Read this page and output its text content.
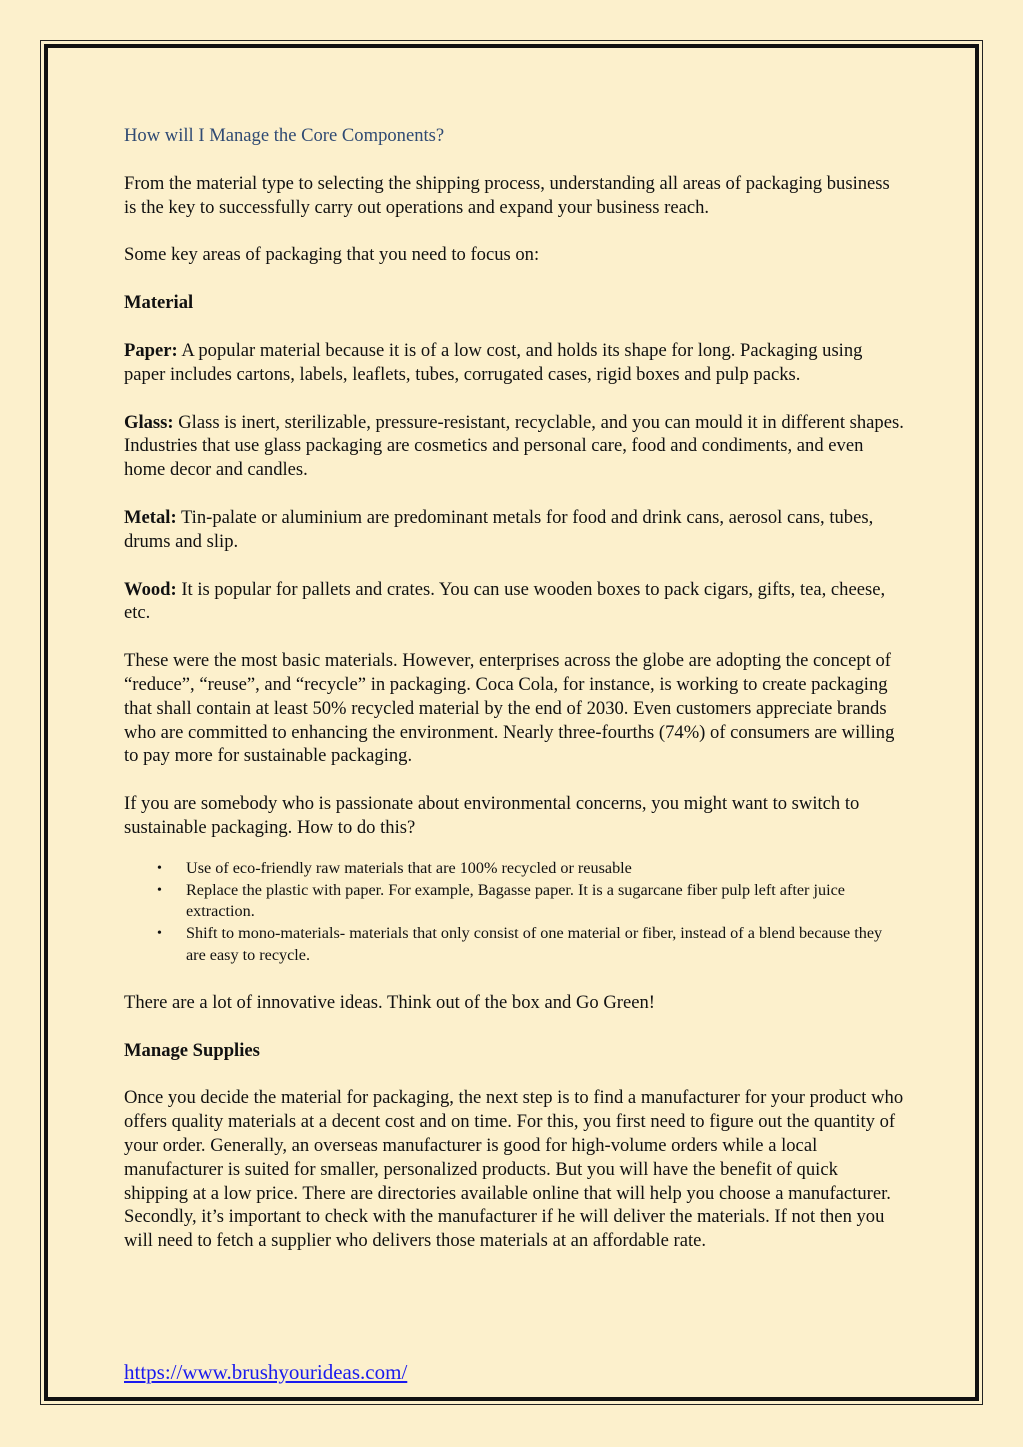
How will I Manage the Core Components?

From the material type to selecting the shipping process, understanding all areas of packaging business is the key to successfully carry out operations and expand your business reach.

Some key areas of packaging that you need to focus on:

Material

Paper: A popular material because it is of a low cost, and holds its shape for long. Packaging using paper includes cartons, labels, leaflets, tubes, corrugated cases, rigid boxes and pulp packs.

Glass: Glass is inert, sterilizable, pressure-resistant, recyclable, and you can mould it in different shapes. Industries that use glass packaging are cosmetics and personal care, food and condiments, and even home decor and candles.

Metal: Tin-palate or aluminium are predominant metals for food and drink cans, aerosol cans, tubes, drums and slip.

Wood: It is popular for pallets and crates. You can use wooden boxes to pack cigars, gifts, tea, cheese, etc.

These were the most basic materials. However, enterprises across the globe are adopting the concept of “reduce”, “reuse”, and “recycle” in packaging. Coca Cola, for instance, is working to create packaging that shall contain at least 50% recycled material by the end of 2030. Even customers appreciate brands who are committed to enhancing the environment. Nearly three-fourths (74%) of consumers are willing to pay more for sustainable packaging.

If you are somebody who is passionate about environmental concerns, you might want to switch to sustainable packaging. How to do this?

• Use of eco-friendly raw materials that are 100% recycled or reusable
• Replace the plastic with paper. For example, Bagasse paper. It is a sugarcane fiber pulp left after juice extraction.
• Shift to mono-materials- materials that only consist of one material or fiber, instead of a blend because they are easy to recycle.

There are a lot of innovative ideas. Think out of the box and Go Green!

Manage Supplies

Once you decide the material for packaging, the next step is to find a manufacturer for your product who offers quality materials at a decent cost and on time. For this, you first need to figure out the quantity of your order. Generally, an overseas manufacturer is good for high-volume orders while a local manufacturer is suited for smaller, personalized products. But you will have the benefit of quick shipping at a low price. There are directories available online that will help you choose a manufacturer. Secondly, it’s important to check with the manufacturer if he will deliver the materials. If not then you will need to fetch a supplier who delivers those materials at an affordable rate.

https://www.brushyourideas.com/
